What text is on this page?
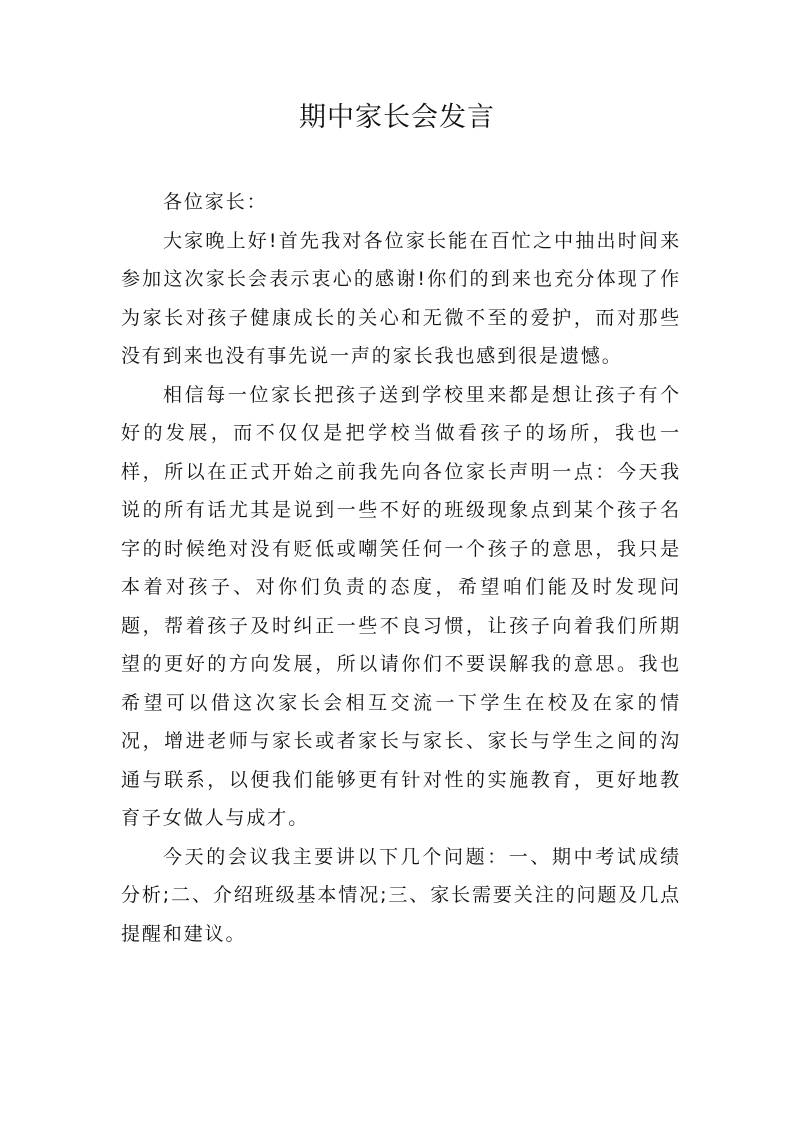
期中家长会发言

各位家长：

大家晚上好!首先我对各位家长能在百忙之中抽出时间来参加这次家长会表示衷心的感谢!你们的到来也充分体现了作为家长对孩子健康成长的关心和无微不至的爱护，而对那些没有到来也没有事先说一声的家长我也感到很是遗憾。

相信每一位家长把孩子送到学校里来都是想让孩子有个好的发展，而不仅仅是把学校当做看孩子的场所，我也一样，所以在正式开始之前我先向各位家长声明一点：今天我说的所有话尤其是说到一些不好的班级现象点到某个孩子名字的时候绝对没有贬低或嘲笑任何一个孩子的意思，我只是本着对孩子、对你们负责的态度，希望咱们能及时发现问题，帮着孩子及时纠正一些不良习惯，让孩子向着我们所期望的更好的方向发展，所以请你们不要误解我的意思。我也希望可以借这次家长会相互交流一下学生在校及在家的情况，增进老师与家长或者家长与家长、家长与学生之间的沟通与联系，以便我们能够更有针对性的实施教育，更好地教育子女做人与成才。

今天的会议我主要讲以下几个问题：一、期中考试成绩分析;二、介绍班级基本情况;三、家长需要关注的问题及几点提醒和建议。
